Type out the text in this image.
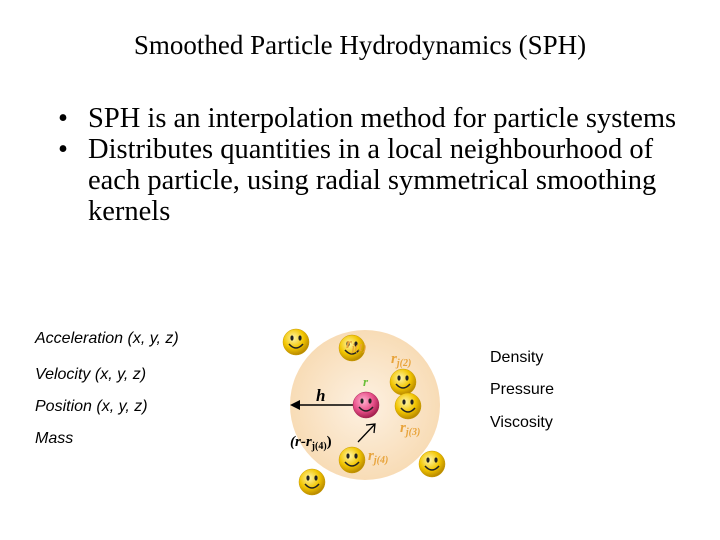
Smoothed Particle Hydrodynamics (SPH)
• SPH is an interpolation method for particle systems
• Distributes quantities in a local neighbourhood of each particle, using radial symmetrical smoothing kernels
Acceleration (x, y, z)
Velocity (x, y, z)
Position (x, y, z)
Mass
Density
Pressure
Viscosity
$r_{j(1)}$
$r_{j(2)}$
r
h
$r_{j(3)}$
$(r-r_{j(4)})$
$r_{j(4)}$
